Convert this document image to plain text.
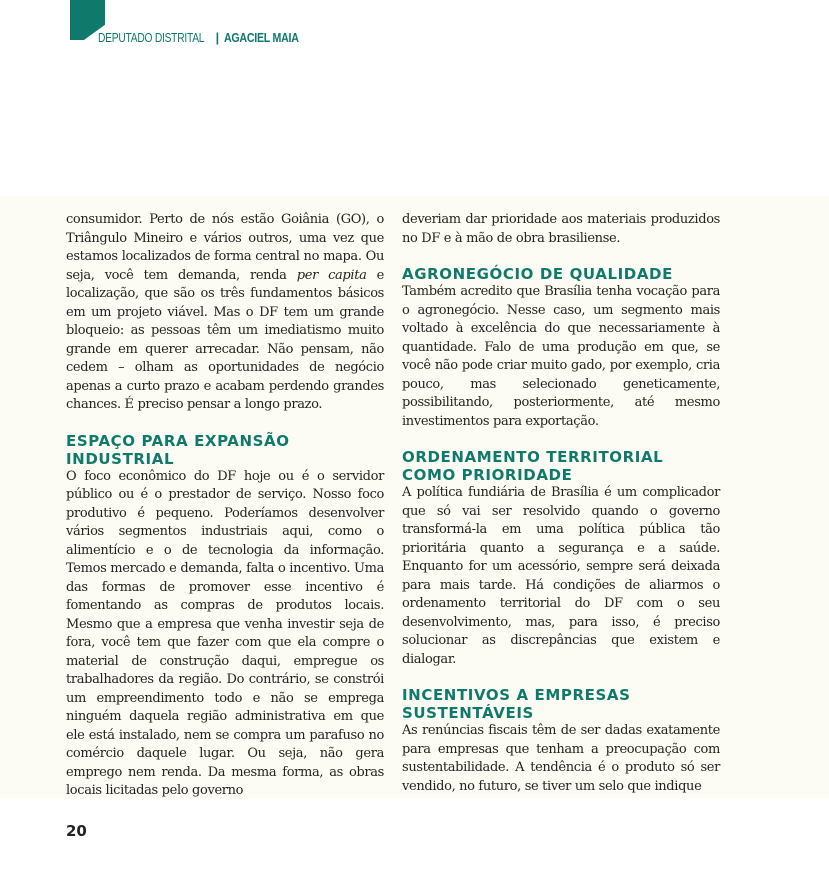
DEPUTADO DISTRITAL | AGACIEL MAIA

consumidor. Perto de nós estão Goiânia (GO), o Triângulo Mineiro e vários outros, uma vez que estamos localizados de forma central no mapa. Ou seja, você tem demanda, renda per capita e localização, que são os três fundamentos básicos em um projeto viável. Mas o DF tem um grande bloqueio: as pessoas têm um imediatismo muito grande em querer arrecadar. Não pensam, não cedem – olham as oportunidades de negócio apenas a curto prazo e acabam perdendo grandes chances. É preciso pensar a longo prazo.

ESPAÇO PARA EXPANSÃO INDUSTRIAL

O foco econômico do DF hoje ou é o servidor público ou é o prestador de serviço. Nosso foco produtivo é pequeno. Poderíamos desenvolver vários segmentos industriais aqui, como o alimentício e o de tecnologia da informação. Temos mercado e demanda, falta o incentivo. Uma das formas de promover esse incentivo é fomentando as compras de produtos locais. Mesmo que a empresa que venha investir seja de fora, você tem que fazer com que ela compre o material de construção daqui, empregue os trabalhadores da região. Do contrário, se constrói um empreendimento todo e não se emprega ninguém daquela região administrativa em que ele está instalado, nem se compra um parafuso no comércio daquele lugar. Ou seja, não gera emprego nem renda. Da mesma forma, as obras locais licitadas pelo governo

deveriam dar prioridade aos materiais produzidos no DF e à mão de obra brasiliense.

AGRONEGÓCIO DE QUALIDADE

Também acredito que Brasília tenha vocação para o agronegócio. Nesse caso, um segmento mais voltado à excelência do que necessariamente à quantidade. Falo de uma produção em que, se você não pode criar muito gado, por exemplo, cria pouco, mas selecionado geneticamente, possibilitando, posteriormente, até mesmo investimentos para exportação.

ORDENAMENTO TERRITORIAL COMO PRIORIDADE

A política fundiária de Brasília é um complicador que só vai ser resolvido quando o governo transformá-la em uma política pública tão prioritária quanto a segurança e a saúde. Enquanto for um acessório, sempre será deixada para mais tarde. Há condições de aliarmos o ordenamento territorial do DF com o seu desenvolvimento, mas, para isso, é preciso solucionar as discrepâncias que existem e dialogar.

INCENTIVOS A EMPRESAS SUSTENTÁVEIS

As renúncias fiscais têm de ser dadas exatamente para empresas que tenham a preocupação com sustentabilidade. A tendência é o produto só ser vendido, no futuro, se tiver um selo que indique

20
